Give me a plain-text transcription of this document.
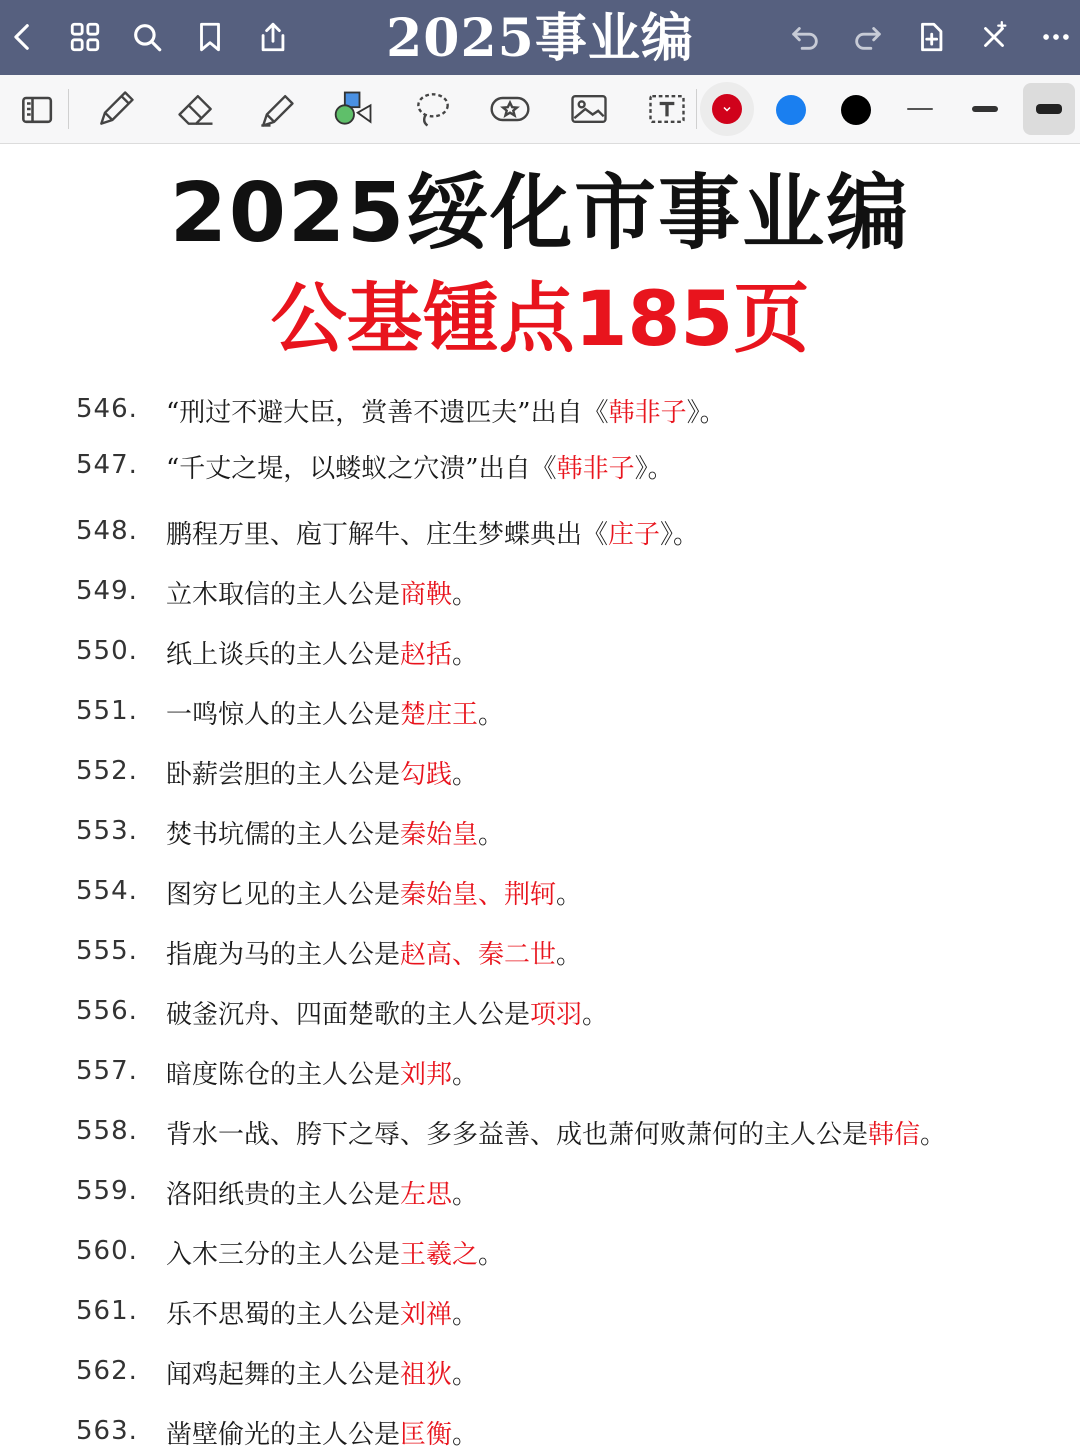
2025事业编
2025绥化市事业编
公基锺点185页
546. “刑过不避大臣，赏善不遗匹夫”出自《韩非子》。
547. “千丈之堤，以蝼蚁之穴溃”出自《韩非子》。
548. 鹏程万里、庖丁解牛、庄生梦蝶典出《庄子》。
549. 立木取信的主人公是商鞅。
550. 纸上谈兵的主人公是赵括。
551. 一鸣惊人的主人公是楚庄王。
552. 卧薪尝胆的主人公是勾践。
553. 焚书坑儒的主人公是秦始皇。
554. 图穷匕见的主人公是秦始皇、荆轲。
555. 指鹿为马的主人公是赵高、秦二世。
556. 破釜沉舟、四面楚歌的主人公是项羽。
557. 暗度陈仓的主人公是刘邦。
558. 背水一战、胯下之辱、多多益善、成也萧何败萧何的主人公是韩信。
559. 洛阳纸贵的主人公是左思。
560. 入木三分的主人公是王羲之。
561. 乐不思蜀的主人公是刘禅。
562. 闻鸡起舞的主人公是祖狄。
563. 凿壁偷光的主人公是匡衡。
